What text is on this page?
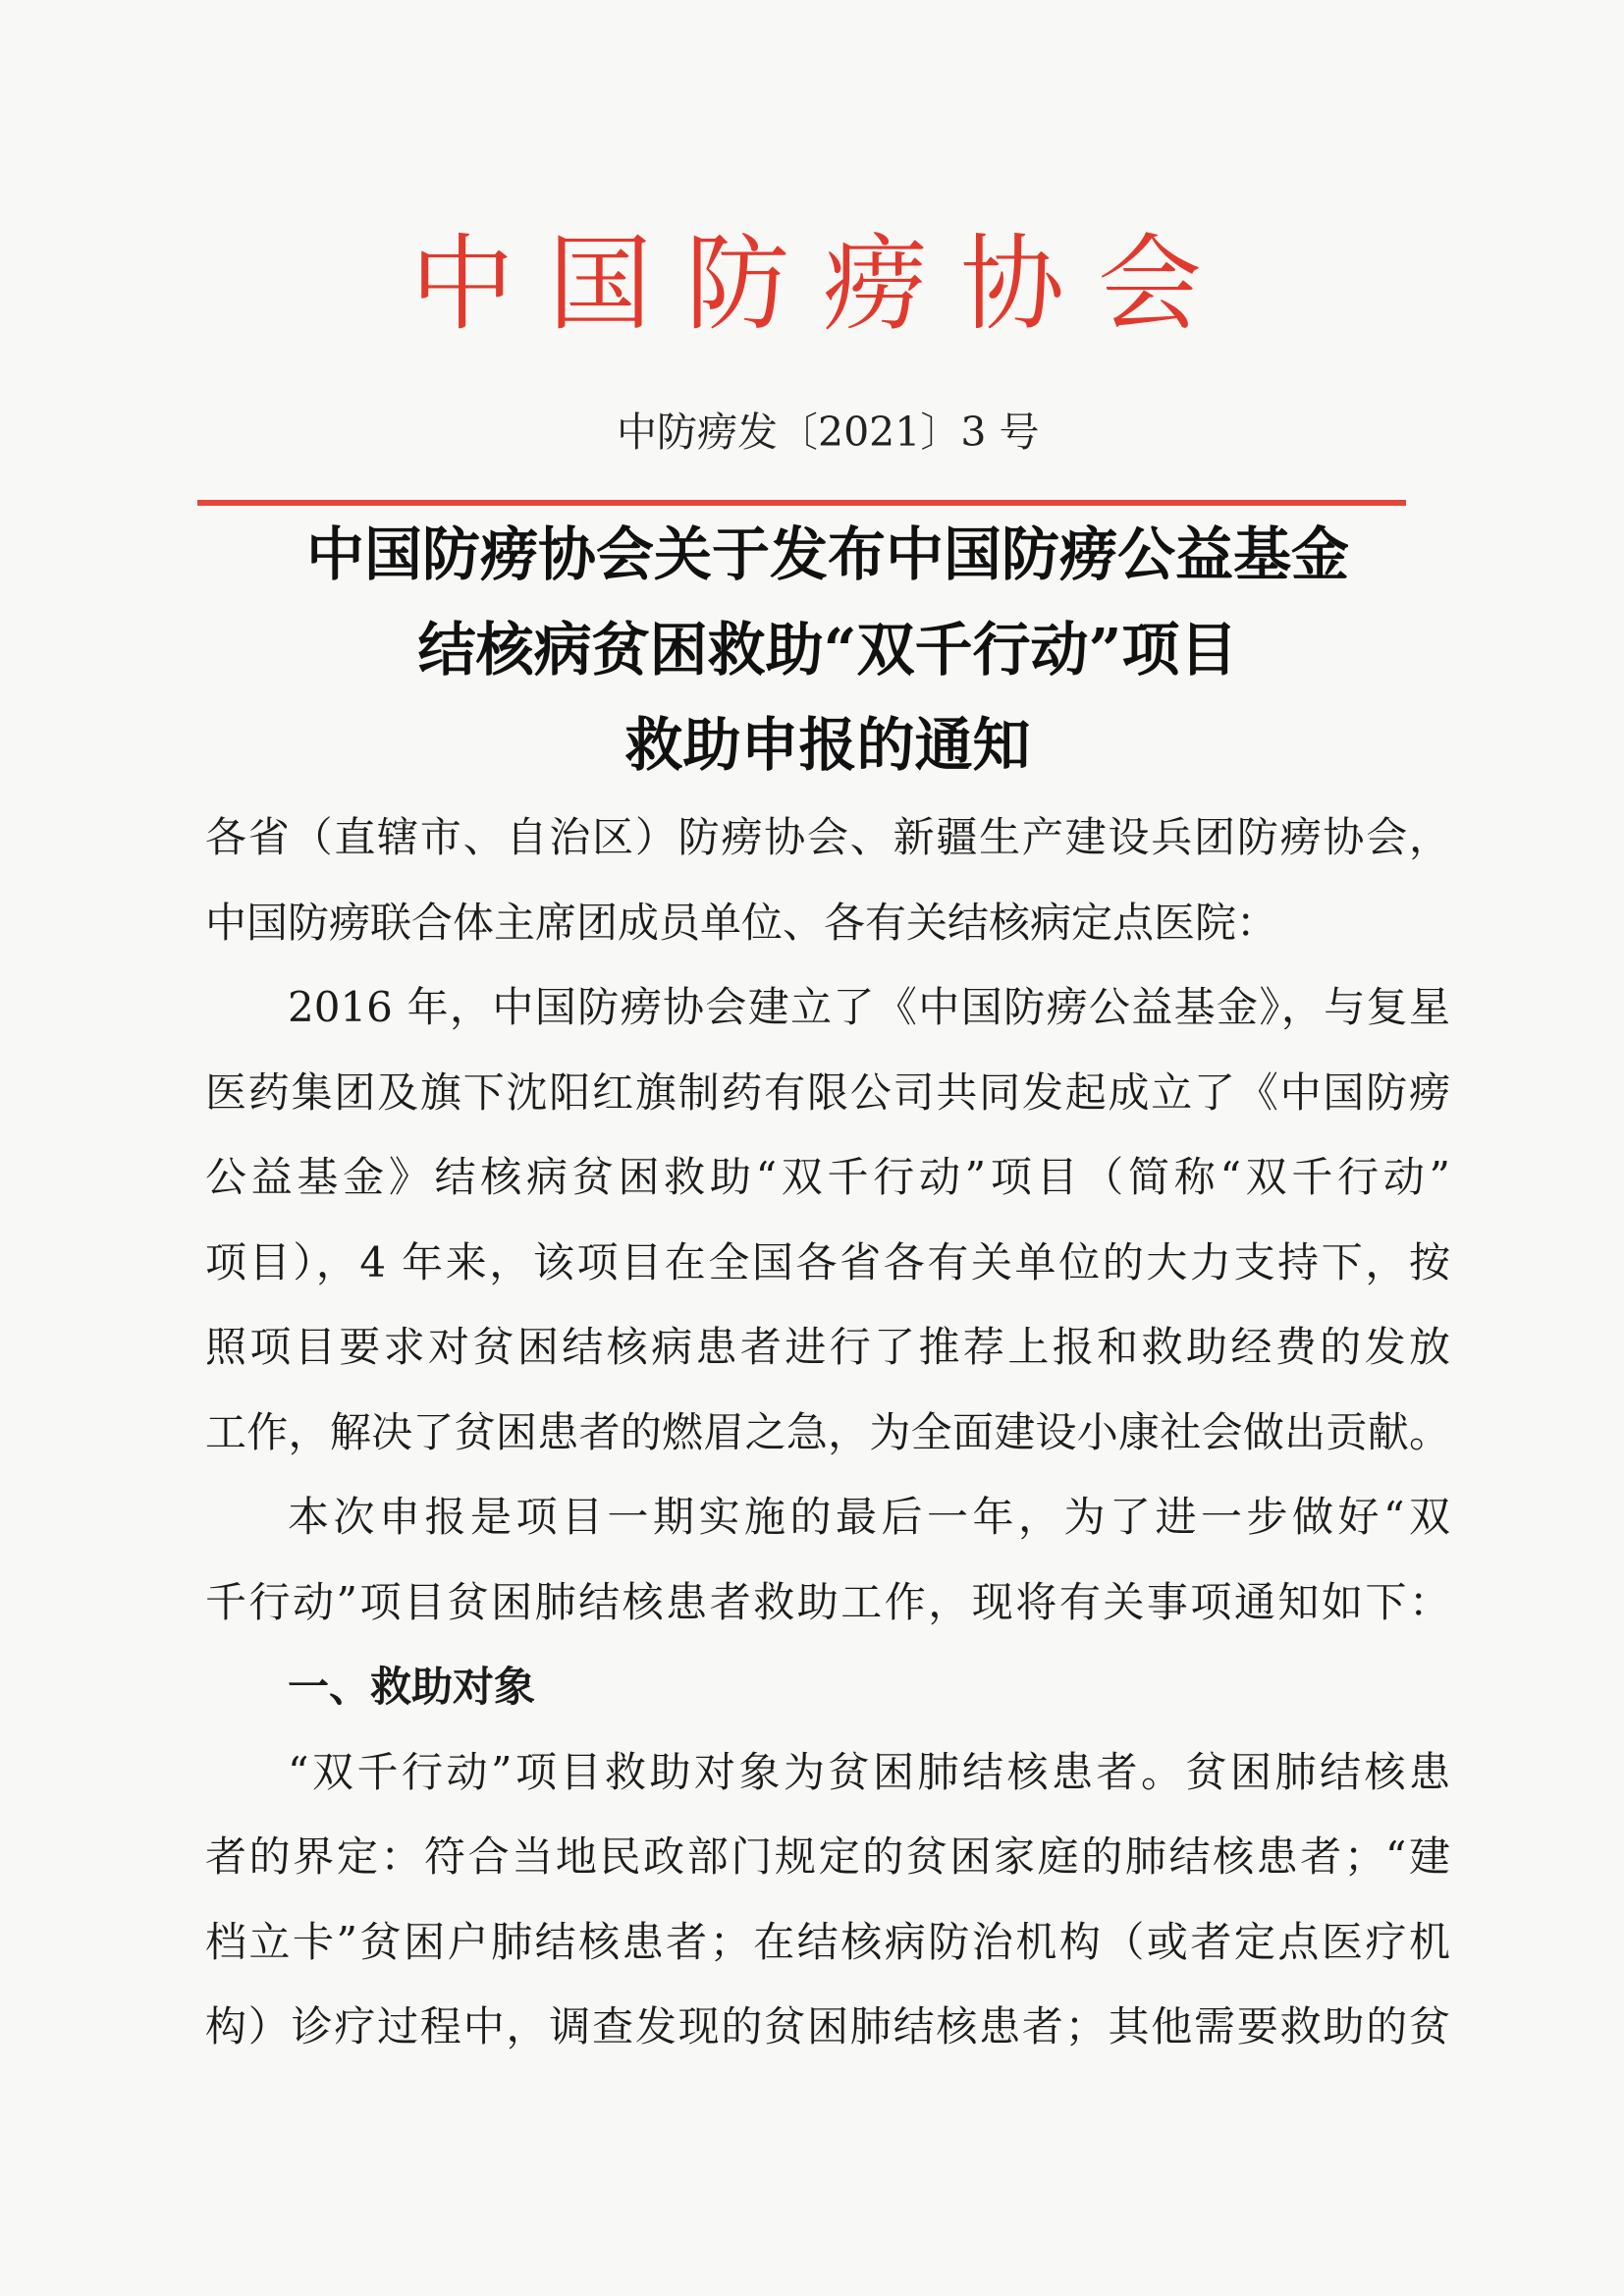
中国防痨协会
中防痨发〔2021〕3 号
中国防痨协会关于发布中国防痨公益基金
结核病贫困救助“双千行动”项目
救助申报的通知
各省（直辖市、自治区）防痨协会、新疆生产建设兵团防痨协会，
中国防痨联合体主席团成员单位、各有关结核病定点医院：
2016 年，中国防痨协会建立了《中国防痨公益基金》，与复星
医药集团及旗下沈阳红旗制药有限公司共同发起成立了《中国防痨
公益基金》结核病贫困救助“双千行动”项目（简称“双千行动”
项目），4 年来，该项目在全国各省各有关单位的大力支持下，按
照项目要求对贫困结核病患者进行了推荐上报和救助经费的发放
工作，解决了贫困患者的燃眉之急，为全面建设小康社会做出贡献。
本次申报是项目一期实施的最后一年，为了进一步做好“双
千行动”项目贫困肺结核患者救助工作，现将有关事项通知如下：
一、救助对象
“双千行动”项目救助对象为贫困肺结核患者。贫困肺结核患
者的界定：符合当地民政部门规定的贫困家庭的肺结核患者；“建
档立卡”贫困户肺结核患者；在结核病防治机构（或者定点医疗机
构）诊疗过程中，调查发现的贫困肺结核患者；其他需要救助的贫
